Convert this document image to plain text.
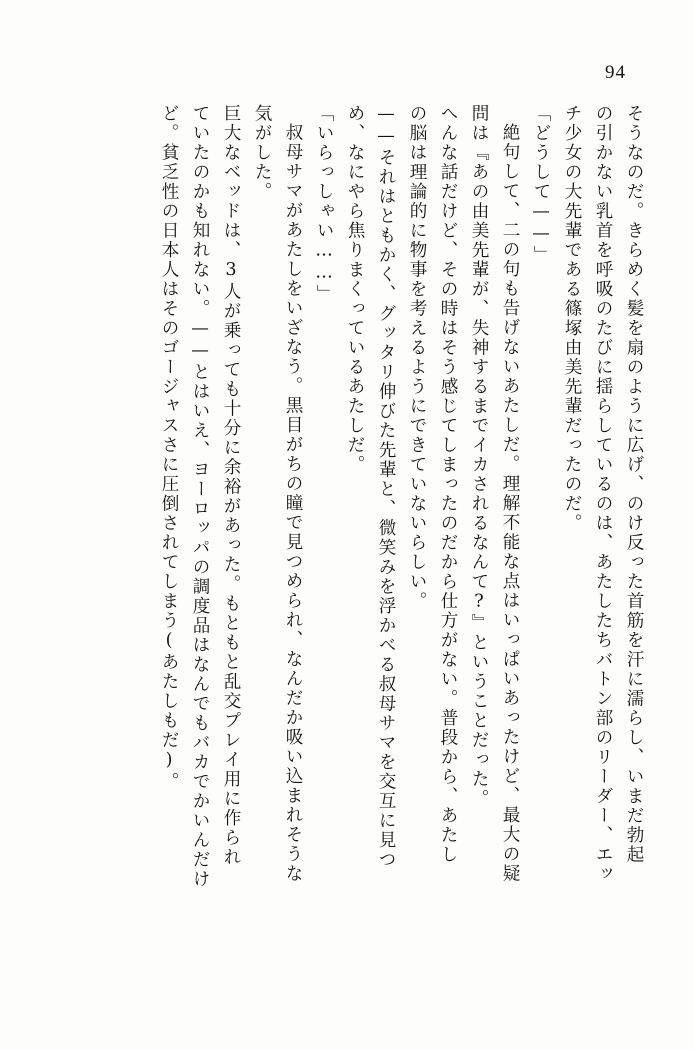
94
そうなのだ。きらめく髪を扇のように広げ、のけ反った首筋を汗に濡らし、いまだ勃起
の引かない乳首を呼吸のたびに揺らしているのは、あたしたちバトン部のリーダー、エッ
チ少女の大先輩である篠塚由美先輩だったのだ。
「どうして——」
絶句して、二の句も告げないあたしだ。理解不能な点はいっぱいあったけど、最大の疑
問は『あの由美先輩が、失神するまでイカされるなんて?』ということだった。
へんな話だけど、その時はそう感じてしまったのだから仕方がない。普段から、あたし
の脳は理論的に物事を考えるようにできていないらしい。
——それはともかく、グッタリ伸びた先輩と、微笑みを浮かべる叔母サマを交互に見つ
め、なにやら焦りまくっているあたしだ。
「いらっしゃい……」
叔母サマがあたしをいざなう。黒目がちの瞳で見つめられ、なんだか吸い込まれそうな
気がした。
巨大なベッドは、3人が乗っても十分に余裕があった。もともと乱交プレイ用に作られ
ていたのかも知れない。——とはいえ、ヨーロッパの調度品はなんでもバカでかいんだけ
ど。貧乏性の日本人はそのゴージャスさに圧倒されてしまう(あたしもだ)。
